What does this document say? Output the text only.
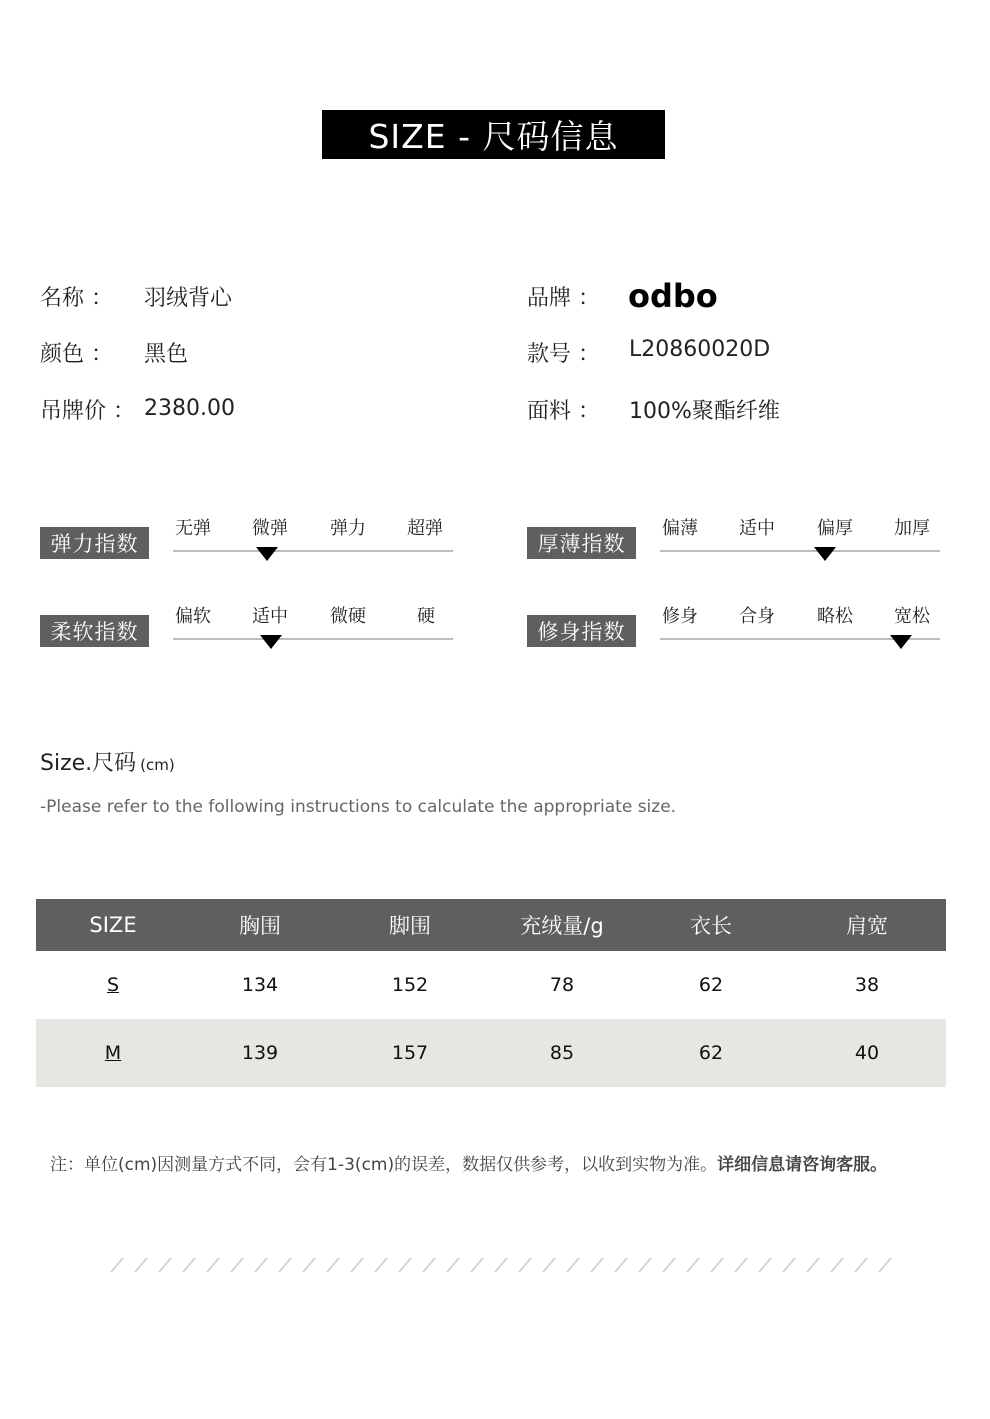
SIZE - 尺码信息
名称 ： 羽绒背心	品牌 ： odbo
颜色 ： 黑色	款号 ： L20860020D
吊牌价 ： 2380.00	面料 ： 100%聚酯纤维
弹力指数
无弹 微弹 弹力 超弹
厚薄指数
偏薄 适中 偏厚 加厚
柔软指数
偏软 适中 微硬	硬
修身指数
修身 合身 略松 宽松
Size.尺码 (cm)
-Please refer to the following instructions to calculate the appropriate size.
SIZE	胸围	脚围	充绒量/g	衣长	肩宽
S	134	152	78	62	38
M	139	157	85	62	40
注：单位(cm)因测量方式不同，会有1-3(cm)的误差，数据仅供参考，以收到实物为准。详细信息请咨询客服。
